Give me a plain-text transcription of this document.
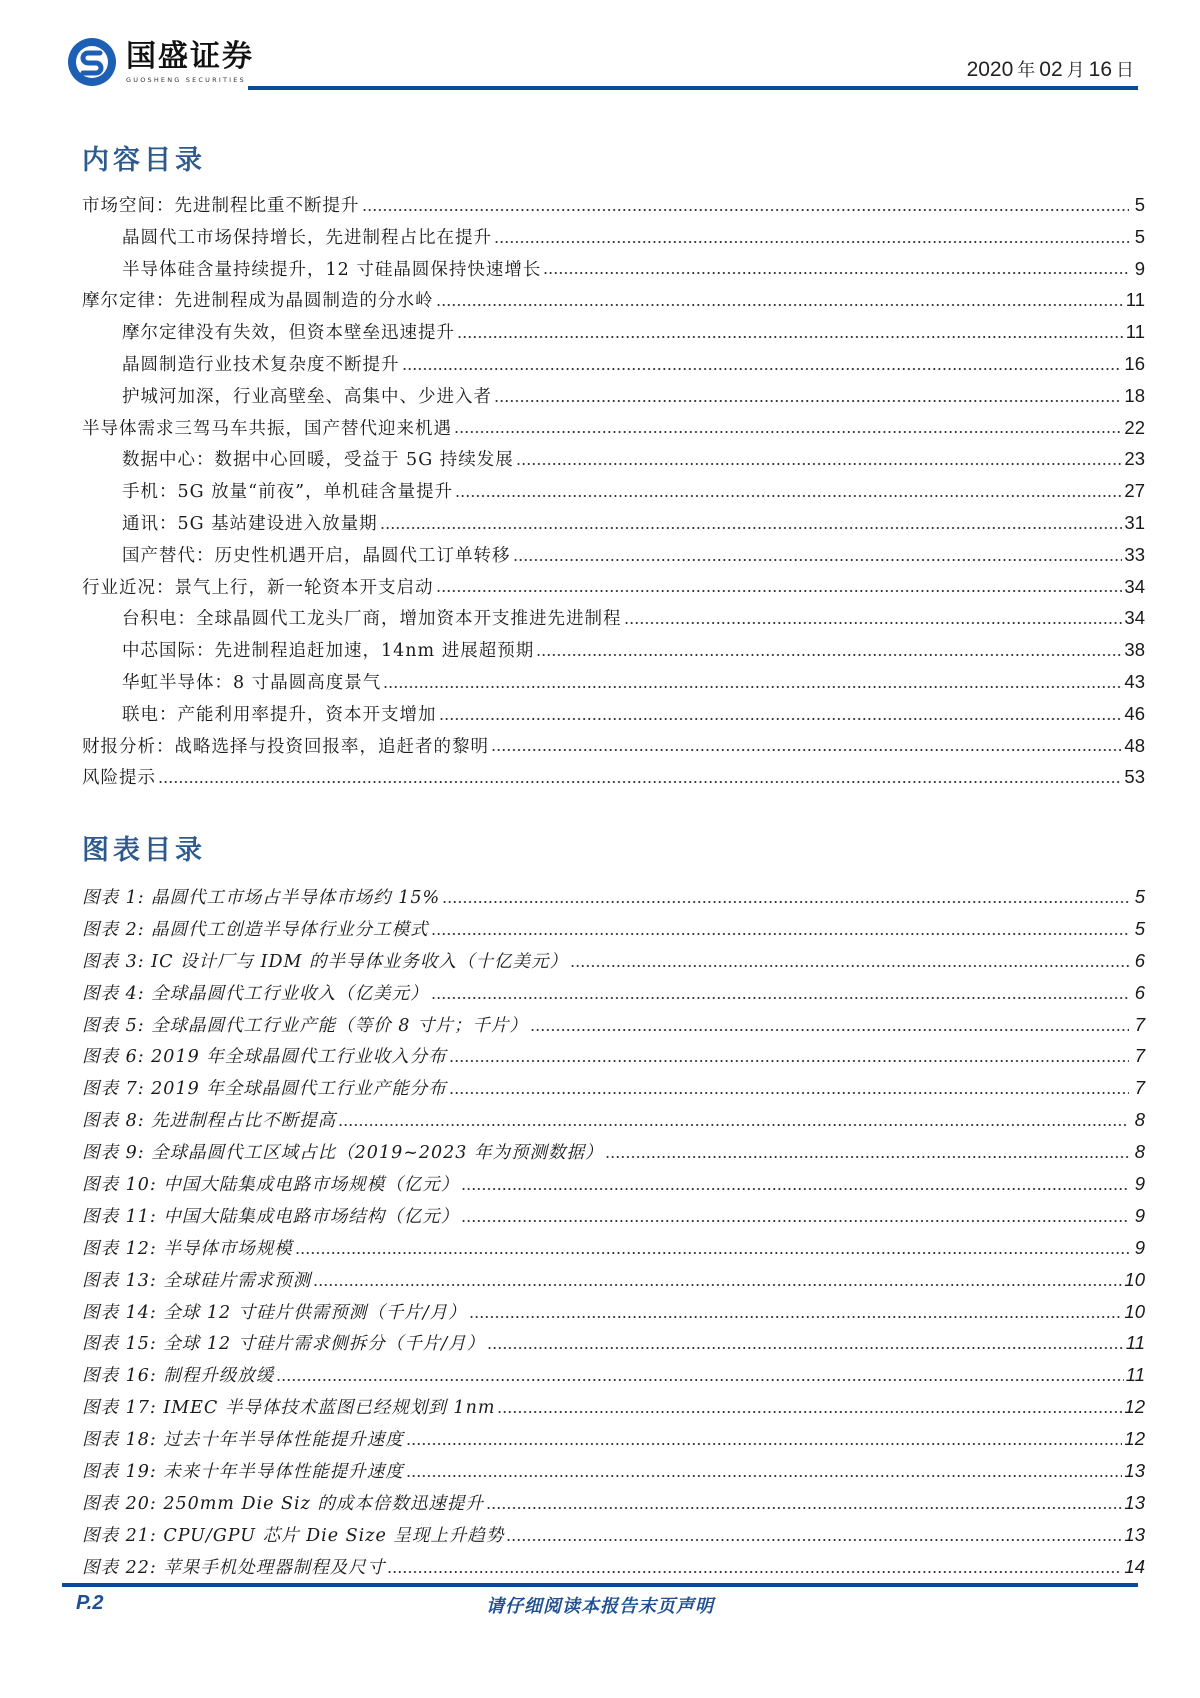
国盛证券
GUOSHENG SECURITIES	2020 年 02 月 16 日
内容目录
市场空间：先进制程比重不断提升	5
晶圆代工市场保持增长，先进制程占比在提升	5
半导体硅含量持续提升，12 寸硅晶圆保持快速增长	9
摩尔定律：先进制程成为晶圆制造的分水岭	11
摩尔定律没有失效，但资本壁垒迅速提升	11
晶圆制造行业技术复杂度不断提升	16
护城河加深，行业高壁垒、高集中、少进入者	18
半导体需求三驾马车共振，国产替代迎来机遇	22
数据中心：数据中心回暖，受益于 5G 持续发展	23
手机：5G 放量“前夜”，单机硅含量提升	27
通讯：5G 基站建设进入放量期	31
国产替代：历史性机遇开启，晶圆代工订单转移	33
行业近况：景气上行，新一轮资本开支启动	34
台积电：全球晶圆代工龙头厂商，增加资本开支推进先进制程	34
中芯国际：先进制程追赶加速，14nm 进展超预期	38
华虹半导体：8 寸晶圆高度景气	43
联电：产能利用率提升，资本开支增加	46
财报分析：战略选择与投资回报率，追赶者的黎明	48
风险提示	53
图表目录
图表 1: 晶圆代工市场占半导体市场约 15%	5
图表 2: 晶圆代工创造半导体行业分工模式	5
图表 3: IC 设计厂与 IDM 的半导体业务收入（十亿美元）	6
图表 4: 全球晶圆代工行业收入（亿美元）	6
图表 5: 全球晶圆代工行业产能（等价 8 寸片；千片）	7
图表 6: 2019 年全球晶圆代工行业收入分布	7
图表 7: 2019 年全球晶圆代工行业产能分布	7
图表 8: 先进制程占比不断提高	8
图表 9: 全球晶圆代工区域占比（2019~2023 年为预测数据）	8
图表 10: 中国大陆集成电路市场规模（亿元）	9
图表 11: 中国大陆集成电路市场结构（亿元）	9
图表 12: 半导体市场规模	9
图表 13: 全球硅片需求预测	10
图表 14: 全球 12 寸硅片供需预测（千片/月）	10
图表 15: 全球 12 寸硅片需求侧拆分（千片/月）	11
图表 16: 制程升级放缓	11
图表 17: IMEC 半导体技术蓝图已经规划到 1nm	12
图表 18: 过去十年半导体性能提升速度	12
图表 19: 未来十年半导体性能提升速度	13
图表 20: 250mm Die Siz 的成本倍数迅速提升	13
图表 21: CPU/GPU 芯片 Die Size 呈现上升趋势	13
图表 22: 苹果手机处理器制程及尺寸	14
P.2	请仔细阅读本报告末页声明
